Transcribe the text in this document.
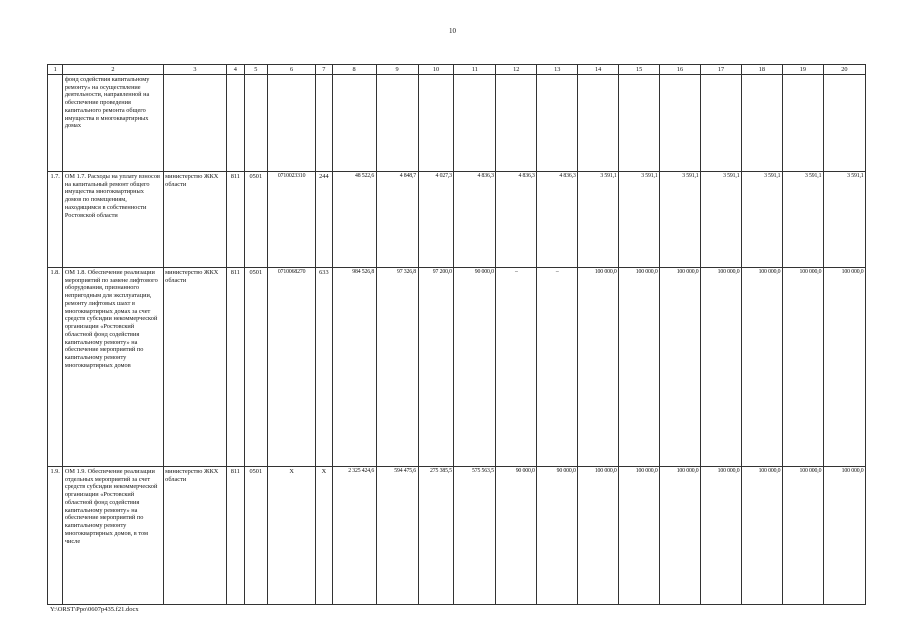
10
1	2	3	4	5	6	7	8	9	10	11	12	13	14	15	16	17	18	19	20
	фонд содействия капитальному ремонту» на осуществление деятельности, направленной на обеспечение проведения капитального ремонта общего имущества в многоквартирных домах																		
1.7.	ОМ 1.7. Расходы на уплату взносов на капитальный ремонт общего имущества многоквартирных домов по помещениям, находящимся в собственности Ростовской области	министерство ЖКХ области	811	0501	0710023310	244	48 522,6	4 848,7	4 027,3	4 836,3	4 836,3	4 836,3	3 591,1	3 591,1	3 591,1	3 591,1	3 591,1	3 591,1	3 591,1
1.8.	ОМ 1.8. Обеспечение реализации мероприятий по замене лифтового оборудования, признанного непригодным для эксплуатации, ремонту лифтовых шахт в многоквартирных домах за счет средств субсидии некоммерческой организации «Ростовский областной фонд содействия капитальному ремонту» на обеспечение мероприятий по капитальному ремонту многоквартирных домов	министерство ЖКХ области	811	0501	0710068270	633	984 526,8	97 326,8	97 200,0	90 000,0	–	–	100 000,0	100 000,0	100 000,0	100 000,0	100 000,0	100 000,0	100 000,0
1.9.	ОМ 1.9. Обеспечение реализации отдельных мероприятий за счет средств субсидии некоммерческой организации «Ростовский областной фонд содействия капитальному ремонту» на обеспечение мероприятий по капитальному ремонту многоквартирных домов, в том числе	министерство ЖКХ области	811	0501	Х	Х	2 325 424,6	594 475,6	275 385,5	575 563,5	90 000,0	90 000,0	100 000,0	100 000,0	100 000,0	100 000,0	100 000,0	100 000,0	100 000,0
Y:\ORST\Ppo\0607p435.f21.docx
